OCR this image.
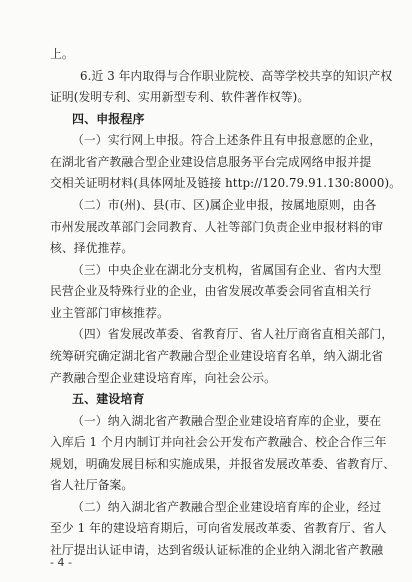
上。
6.近 3 年内取得与合作职业院校、高等学校共享的知识产权
证明(发明专利、实用新型专利、软件著作权等)。
四、申报程序
（一）实行网上申报。符合上述条件且有申报意愿的企业，
在湖北省产教融合型企业建设信息服务平台完成网络申报并提
交相关证明材料(具体网址及链接 http://120.79.91.130:8000)。
（二）市(州)、县(市、区)属企业申报，按属地原则，由各
市州发展改革部门会同教育、人社等部门负责企业申报材料的审
核、择优推荐。
（三）中央企业在湖北分支机构，省属国有企业、省内大型
民营企业及特殊行业的企业，由省发展改革委会同省直相关行
业主管部门审核推荐。
（四）省发展改革委、省教育厅、省人社厅商省直相关部门，
统筹研究确定湖北省产教融合型企业建设培育名单，纳入湖北省
产教融合型企业建设培育库，向社会公示。
五、建设培育
（一）纳入湖北省产教融合型企业建设培育库的企业，要在
入库后 1 个月内制订并向社会公开发布产教融合、校企合作三年
规划，明确发展目标和实施成果，并报省发展改革委、省教育厅、
省人社厅备案。
（二）纳入湖北省产教融合型企业建设培育库的企业，经过
至少 1 年的建设培育期后，可向省发展改革委、省教育厅、省人
社厅提出认证申请，达到省级认证标准的企业纳入湖北省产教融
- 4 -
